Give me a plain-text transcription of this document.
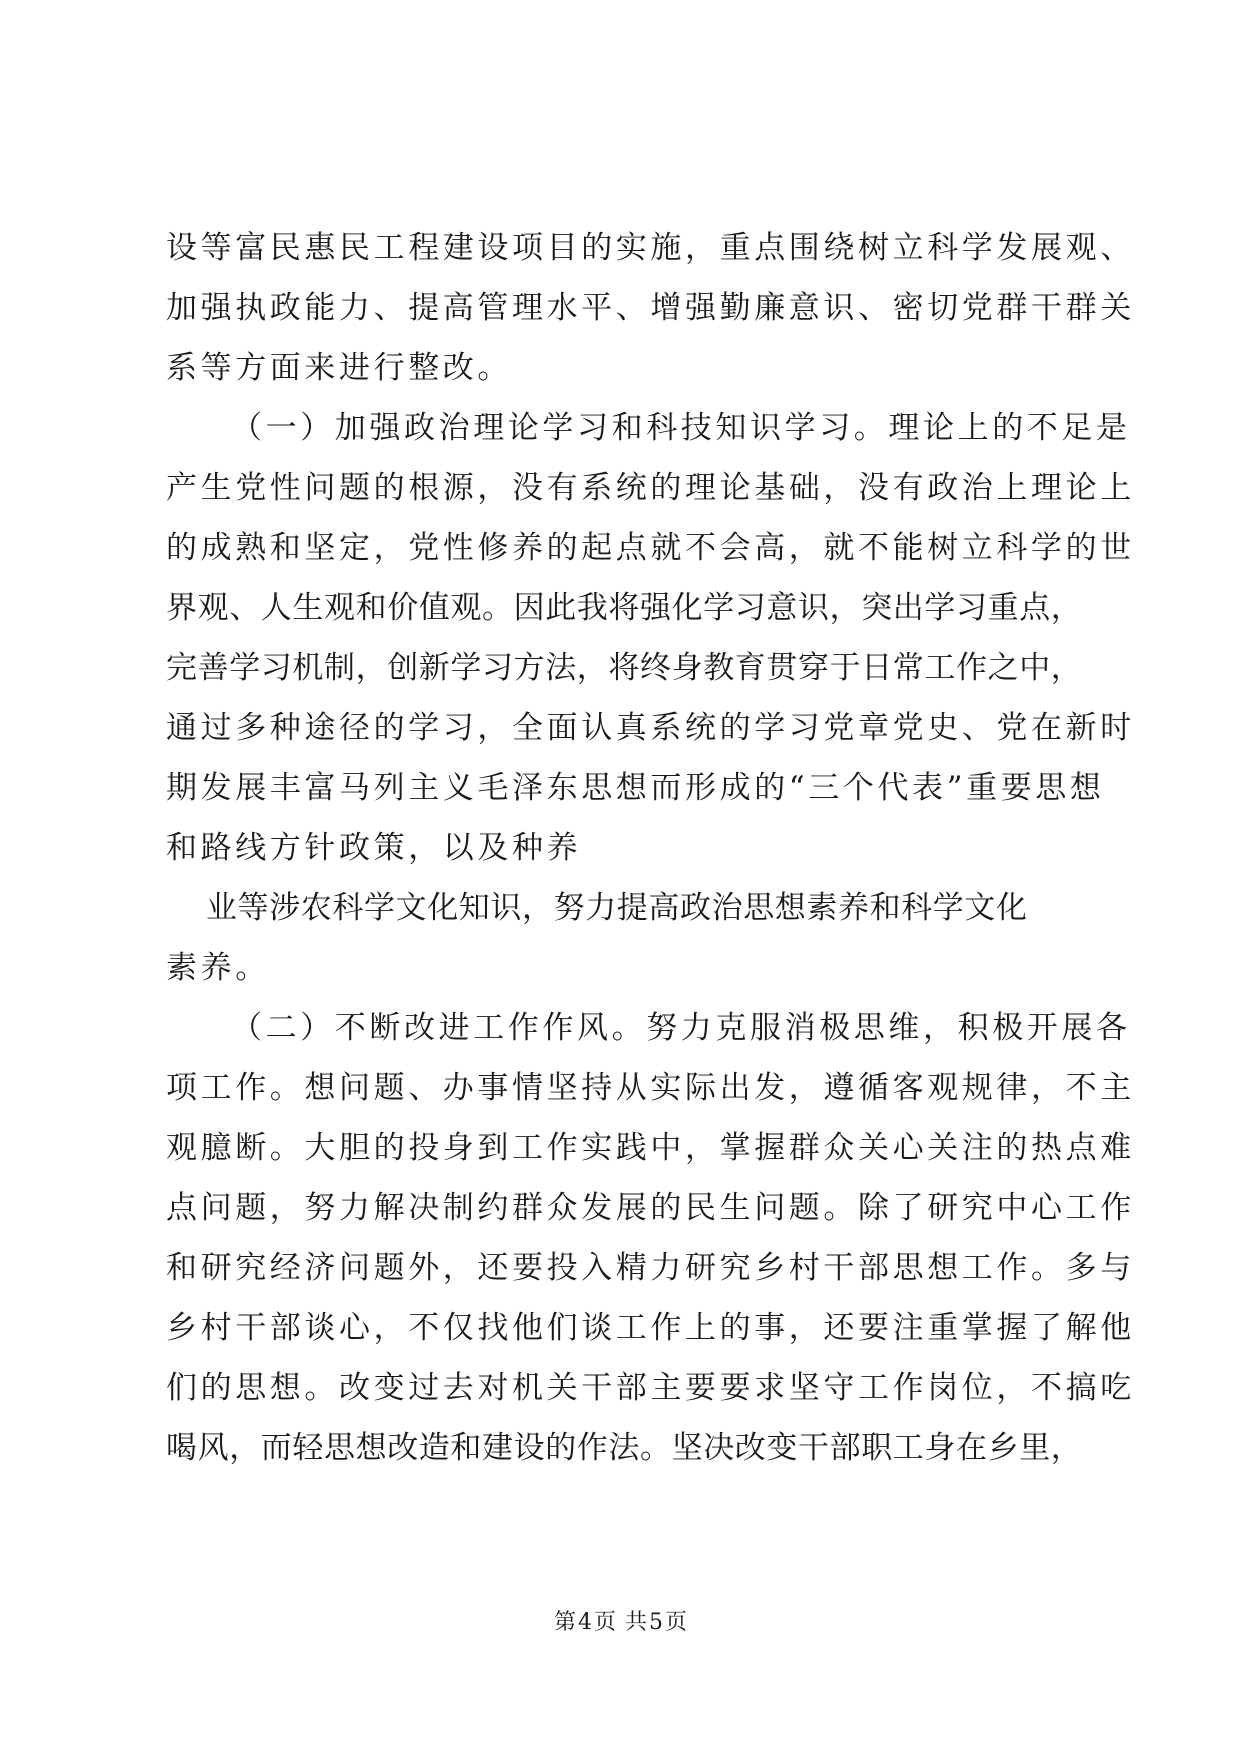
设等富民惠民工程建设项目的实施，重点围绕树立科学发展观、
加强执政能力、提高管理水平、增强勤廉意识、密切党群干群关
系等方面来进行整改。
（一）加强政治理论学习和科技知识学习。理论上的不足是
产生党性问题的根源，没有系统的理论基础，没有政治上理论上
的成熟和坚定，党性修养的起点就不会高，就不能树立科学的世
界观、人生观和价值观。因此我将强化学习意识，突出学习重点，
完善学习机制，创新学习方法，将终身教育贯穿于日常工作之中，
通过多种途径的学习，全面认真系统的学习党章党史、党在新时
期发展丰富马列主义毛泽东思想而形成的“三个代表”重要思想
和路线方针政策，以及种养
业等涉农科学文化知识，努力提高政治思想素养和科学文化
素养。
（二）不断改进工作作风。努力克服消极思维，积极开展各
项工作。想问题、办事情坚持从实际出发，遵循客观规律，不主
观臆断。大胆的投身到工作实践中，掌握群众关心关注的热点难
点问题，努力解决制约群众发展的民生问题。除了研究中心工作
和研究经济问题外，还要投入精力研究乡村干部思想工作。多与
乡村干部谈心，不仅找他们谈工作上的事，还要注重掌握了解他
们的思想。改变过去对机关干部主要要求坚守工作岗位，不搞吃
喝风，而轻思想改造和建设的作法。坚决改变干部职工身在乡里，
第4页 共5页
